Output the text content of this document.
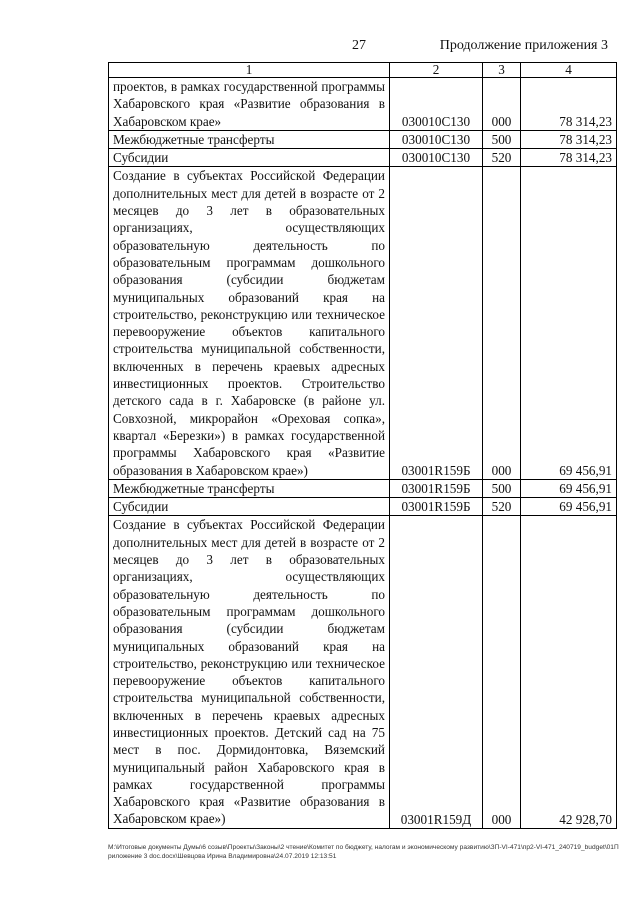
27	Продолжение приложения 3
1	2	3	4
проектов, в рамках государственной программы Хабаровского края «Развитие образования в Хабаровском крае»	030010С130	000	78 314,23
Межбюджетные трансферты	030010С130	500	78 314,23
Субсидии	030010С130	520	78 314,23
Создание в субъектах Российской Федерации дополнительных мест для детей в возрасте от 2 месяцев до 3 лет в образовательных организациях, осуществляющих образовательную деятельность по образовательным программам дошкольного образования (субсидии бюджетам муниципальных образований края на строительство, реконструкцию или техническое перевооружение объектов капитального строительства муниципальной собственности, включенных в перечень краевых адресных инвестиционных проектов. Строительство детского сада в г. Хабаровске (в районе ул. Совхозной, микрорайон «Ореховая сопка», квартал «Березки») в рамках государственной программы Хабаровского края «Развитие образования в Хабаровском крае»)	03001R159Б	000	69 456,91
Межбюджетные трансферты	03001R159Б	500	69 456,91
Субсидии	03001R159Б	520	69 456,91
Создание в субъектах Российской Федерации дополнительных мест для детей в возрасте от 2 месяцев до 3 лет в образовательных организациях, осуществляющих образовательную деятельность по образовательным программам дошкольного образования (субсидии бюджетам муниципальных образований края на строительство, реконструкцию или техническое перевооружение объектов капитального строительства муниципальной собственности, включенных в перечень краевых адресных инвестиционных проектов. Детский сад на 75 мест в пос. Дормидонтовка, Вяземский муниципальный район Хабаровского края в рамках государственной программы Хабаровского края «Развитие образования в Хабаровском крае»)	03001R159Д	000	42 928,70
M:\Итоговые документы Думы\6 созыв\Проекты\Законы\2 чтение\Комитет по бюджету, налогам и экономическому развитию\ЗП-VI-471\пр2-VI-471_240719_budget\01Приложение 3 doc.docx\Шевцова Ирина Владимировна\24.07.2019 12:13:51
